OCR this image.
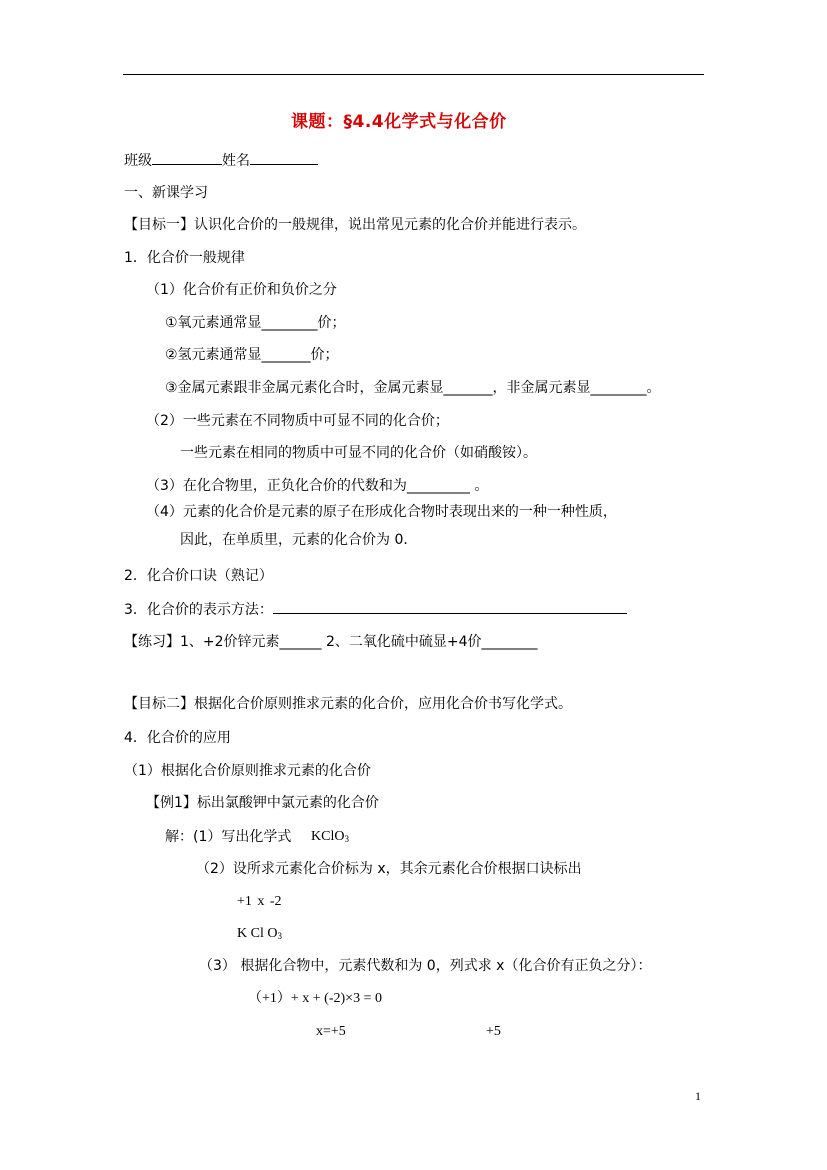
课题：§4.4化学式与化合价
班级	姓名
一、新课学习
【目标一】认识化合价的一般规律，说出常见元素的化合价并能进行表示。
1．化合价一般规律
（1）化合价有正价和负价之分
①氧元素通常显________价；
②氢元素通常显_______价；
③金属元素跟非金属元素化合时，金属元素显_______，非金属元素显________。
（2）一些元素在不同物质中可显不同的化合价；
一些元素在相同的物质中可显不同的化合价（如硝酸铵）。
（3）在化合物里，正负化合价的代数和为_________ 。
（4）元素的化合价是元素的原子在形成化合物时表现出来的一种一种性质，
因此，在单质里，元素的化合价为 0.
2．化合价口诀（熟记）
3．化合价的表示方法：
【练习】1、+2价锌元素______ 2、二氧化硫中硫显+4价________
【目标二】根据化合价原则推求元素的化合价，应用化合价书写化学式。
4．化合价的应用
（1）根据化合价原则推求元素的化合价
【例1】标出氯酸钾中氯元素的化合价
解：(1）写出化学式 KClO$_3$
（2）设所求元素化合价标为 x，其余元素化合价根据口诀标出
+1 x -2
K Cl $O_3$
（3） 根据化合物中，元素代数和为 0，列式求 x（化合价有正负之分）：
（+1）+ x + (-2)×3 = 0
x=+5	+5
1
